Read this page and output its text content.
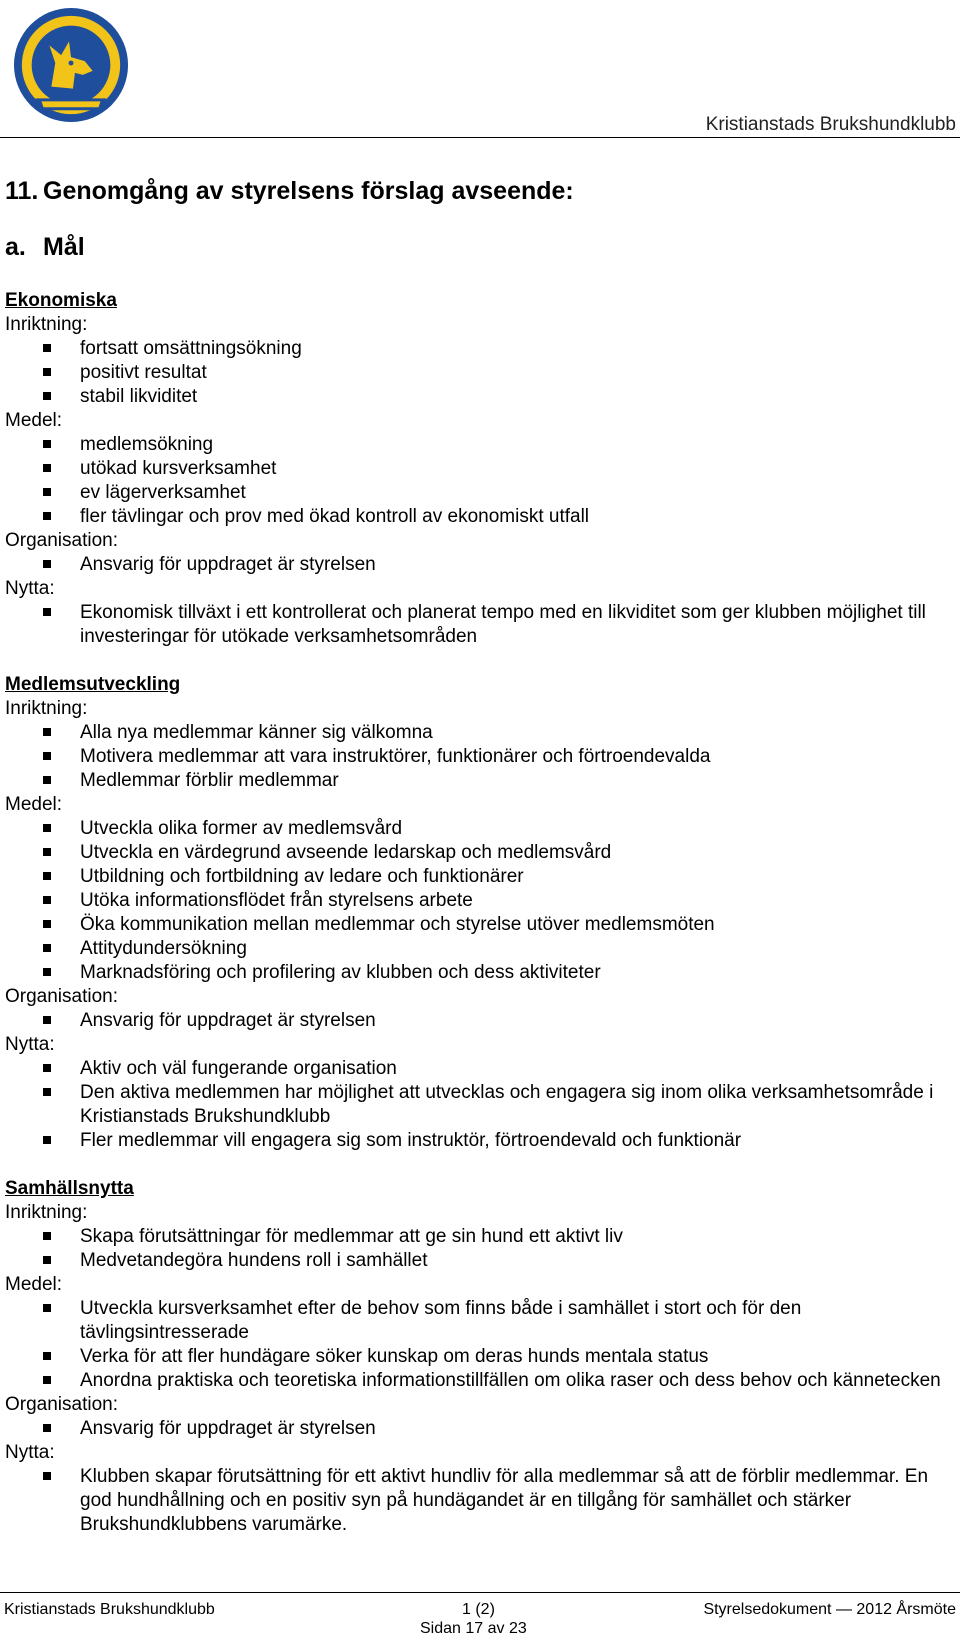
Kristianstads Brukshundklubb
11. Genomgång av styrelsens förslag avseende:
a. Mål
Ekonomiska
Inriktning:
fortsatt omsättningsökning
positivt resultat
stabil likviditet
Medel:
medlemsökning
utökad kursverksamhet
ev lägerverksamhet
fler tävlingar och prov med ökad kontroll av ekonomiskt utfall
Organisation:
Ansvarig för uppdraget är styrelsen
Nytta:
Ekonomisk tillväxt i ett kontrollerat och planerat tempo med en likviditet som ger klubben möjlighet till investeringar för utökade verksamhetsområden
Medlemsutveckling
Inriktning:
Alla nya medlemmar känner sig välkomna
Motivera medlemmar att vara instruktörer, funktionärer och förtroendevalda
Medlemmar förblir medlemmar
Medel:
Utveckla olika former av medlemsvård
Utveckla en värdegrund avseende ledarskap och medlemsvård
Utbildning och fortbildning av ledare och funktionärer
Utöka informationsflödet från styrelsens arbete
Öka kommunikation mellan medlemmar och styrelse utöver medlemsmöten
Attitydundersökning
Marknadsföring och profilering av klubben och dess aktiviteter
Organisation:
Ansvarig för uppdraget är styrelsen
Nytta:
Aktiv och väl fungerande organisation
Den aktiva medlemmen har möjlighet att utvecklas och engagera sig inom olika verksamhetsområde i Kristianstads Brukshundklubb
Fler medlemmar vill engagera sig som instruktör, förtroendevald och funktionär
Samhällsnytta
Inriktning:
Skapa förutsättningar för medlemmar att ge sin hund ett aktivt liv
Medvetandegöra hundens roll i samhället
Medel:
Utveckla kursverksamhet efter de behov som finns både i samhället i stort och för den tävlingsintresserade
Verka för att fler hundägare söker kunskap om deras hunds mentala status
Anordna praktiska och teoretiska informationstillfällen om olika raser och dess behov och kännetecken
Organisation:
Ansvarig för uppdraget är styrelsen
Nytta:
Klubben skapar förutsättning för ett aktivt hundliv för alla medlemmar så att de förblir medlemmar. En god hundhållning och en positiv syn på hundägandet är en tillgång för samhället och stärker Brukshundklubbens varumärke.
Kristianstads Brukshundklubb	1 (2)	Styrelsedokument — 2012 Årsmöte
Sidan 17 av 23
